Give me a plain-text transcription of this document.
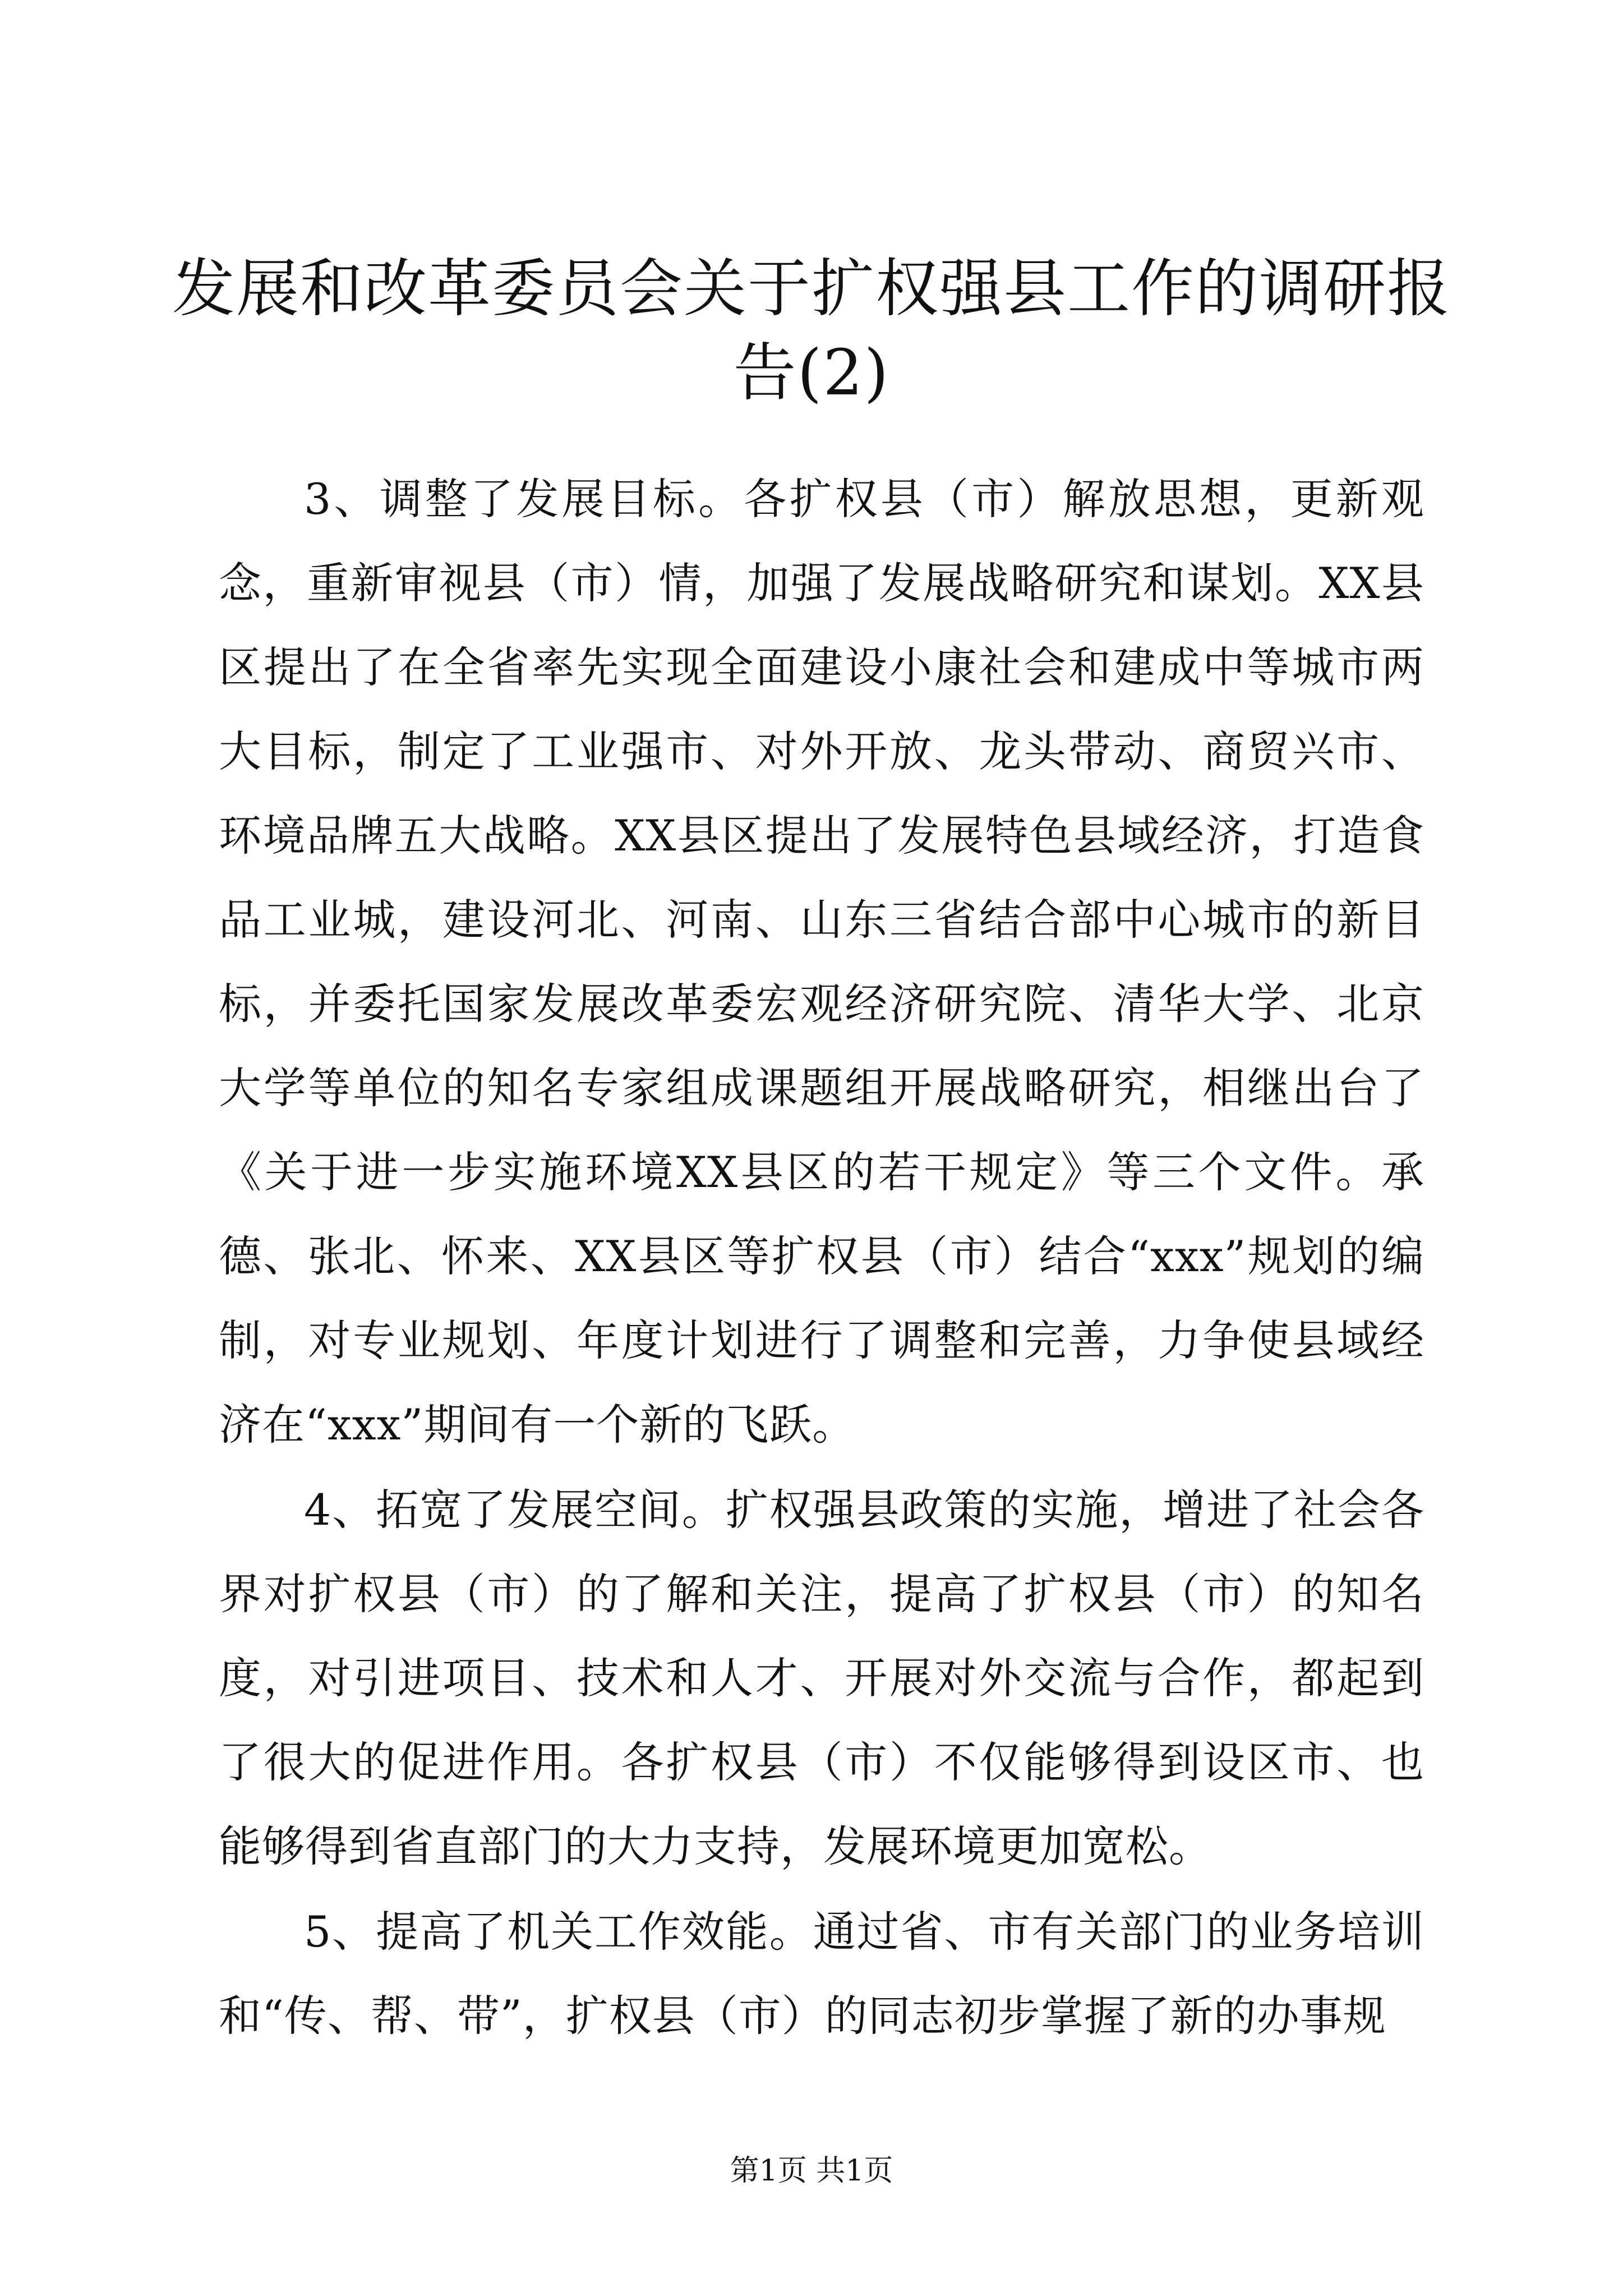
发展和改革委员会关于扩权强县工作的调研报告(2)

3、调整了发展目标。各扩权县（市）解放思想，更新观念，重新审视县（市）情，加强了发展战略研究和谋划。XX县区提出了在全省率先实现全面建设小康社会和建成中等城市两大目标，制定了工业强市、对外开放、龙头带动、商贸兴市、环境品牌五大战略。XX县区提出了发展特色县域经济，打造食品工业城，建设河北、河南、山东三省结合部中心城市的新目标，并委托国家发展改革委宏观经济研究院、清华大学、北京大学等单位的知名专家组成课题组开展战略研究，相继出台了《关于进一步实施环境XX县区的若干规定》等三个文件。承德、张北、怀来、XX县区等扩权县（市）结合“xxx”规划的编制，对专业规划、年度计划进行了调整和完善，力争使县域经济在“xxx”期间有一个新的飞跃。

4、拓宽了发展空间。扩权强县政策的实施，增进了社会各界对扩权县（市）的了解和关注，提高了扩权县（市）的知名度，对引进项目、技术和人才、开展对外交流与合作，都起到了很大的促进作用。各扩权县（市）不仅能够得到设区市、也能够得到省直部门的大力支持，发展环境更加宽松。

5、提高了机关工作效能。通过省、市有关部门的业务培训和“传、帮、带”，扩权县（市）的同志初步掌握了新的办事规

第1页 共1页
